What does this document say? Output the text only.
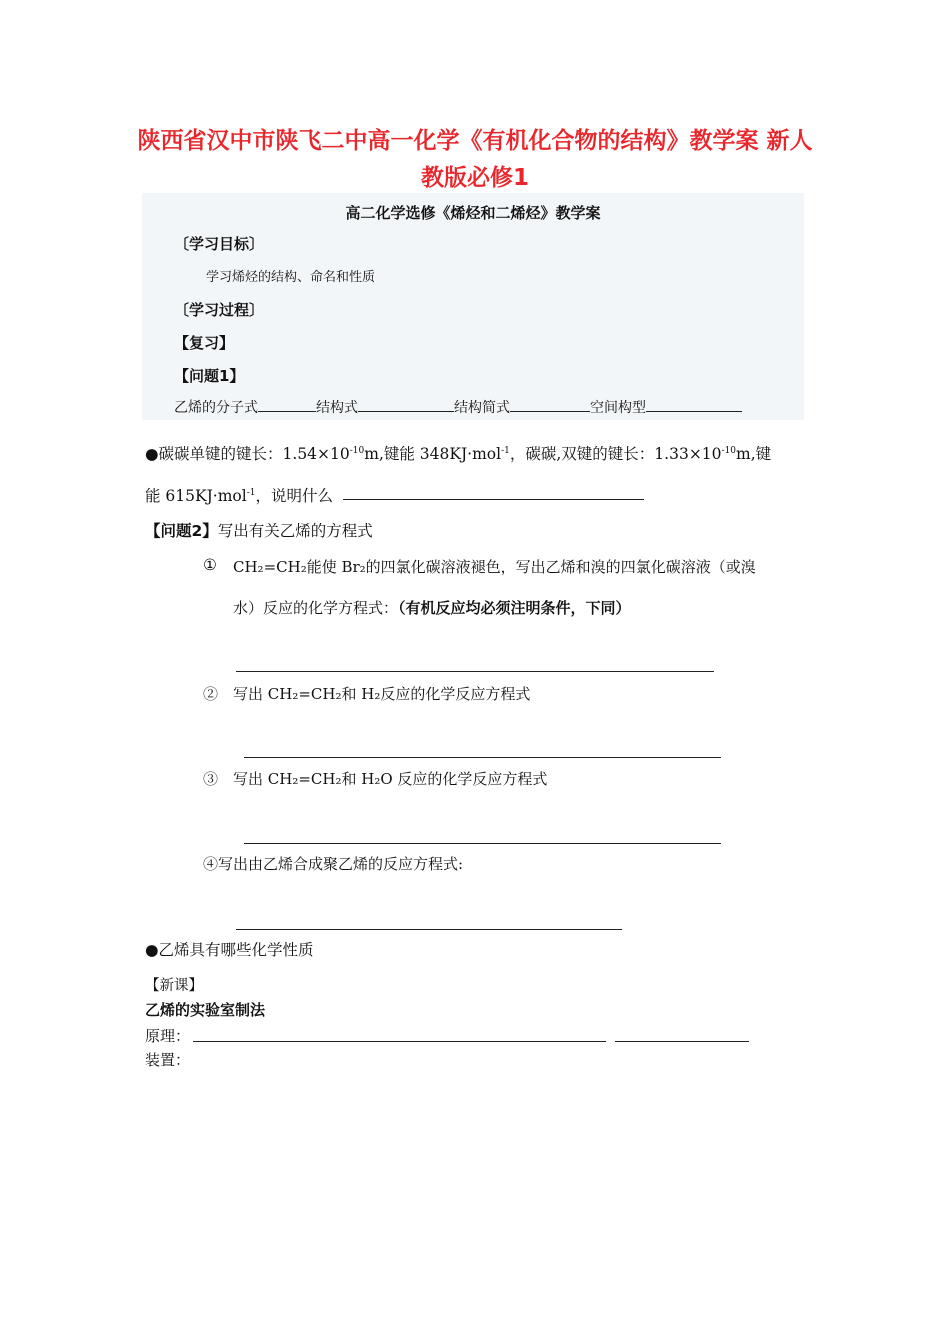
陕西省汉中市陕飞二中高一化学《有机化合物的结构》教学案 新人
教版必修1
高二化学选修《烯烃和二烯烃》教学案
〔学习目标〕
学习烯烃的结构、命名和性质
〔学习过程〕
【复习】
【问题1】
乙烯的分子式	结构式	结构简式	空间构型
●碳碳单键的键长：$1.54\times 10^{-10}m$,键能 348KJ·mol$^{-1}$，碳碳,双键的键长：$1.33\times 10^{-10}m$,键
能 615KJ·mol$^{-1}$，说明什么
【问题2】写出有关乙烯的方程式
① CH₂=CH₂能使 Br₂的四氯化碳溶液褪色，写出乙烯和溴的四氯化碳溶液（或溴
水）反应的化学方程式：（有机反应均必须注明条件，下同）
②　写出 CH₂=CH₂和 H₂反应的化学反应方程式
③　写出 CH₂=CH₂和 H₂O 反应的化学反应方程式
④写出由乙烯合成聚乙烯的反应方程式:
●乙烯具有哪些化学性质
【新课】
乙烯的实验室制法
原理：
装置：
